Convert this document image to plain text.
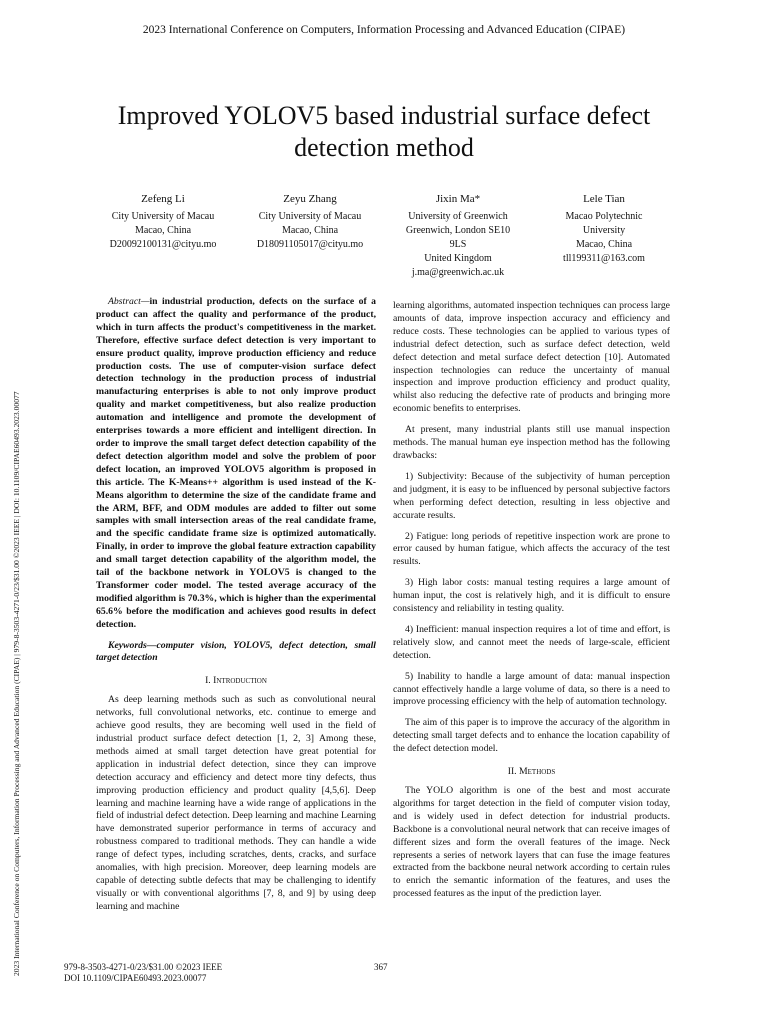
2023 International Conference on Computers, Information Processing and Advanced Education (CIPAE)
2023 International Conference on Computers, Information Processing and Advanced Education (CIPAE) | 979-8-3503-4271-0/23/$31.00 ©2023 IEEE | DOI: 10.1109/CIPAE60493.2023.00077
Improved YOLOV5 based industrial surface defect
detection method
Zefeng Li
City University of Macau
Macao, China
D20092100131@cityu.mo
Zeyu Zhang
City University of Macau
Macao, China
D18091105017@cityu.mo
Jixin Ma*
University of Greenwich
Greenwich, London SE10
9LS
United Kingdom
j.ma@greenwich.ac.uk
Lele Tian
Macao Polytechnic
University
Macao, China
tll199311@163.com

Abstract—in industrial production, defects on the surface of a product can affect the quality and performance of the product, which in turn affects the product's competitiveness in the market. Therefore, effective surface defect detection is very important to ensure product quality, improve production efficiency and reduce production costs. The use of computer-vision surface defect detection technology in the production process of industrial manufacturing enterprises is able to not only improve product quality and market competitiveness, but also realize production automation and intelligence and promote the development of enterprises towards a more efficient and intelligent direction. In order to improve the small target defect detection capability of the defect detection algorithm model and solve the problem of poor defect location, an improved YOLOV5 algorithm is proposed in this article. The K-Means++ algorithm is used instead of the K-Means algorithm to determine the size of the candidate frame and the ARM, BFF, and ODM modules are added to filter out some samples with small intersection areas of the real candidate frame, and the specific candidate frame size is optimized automatically. Finally, in order to improve the global feature extraction capability and small target detection capability of the algorithm model, the tail of the backbone network in YOLOV5 is changed to the Transformer coder model. The tested average accuracy of the modified algorithm is 70.3%, which is higher than the experimental 65.6% before the modification and achieves good results in defect detection.

Keywords—computer vision, YOLOV5, defect detection, small target detection

I. Introduction

As deep learning methods such as such as convolutional neural networks, full convolutional networks, etc. continue to emerge and achieve good results, they are becoming well used in the field of industrial product surface defect detection [1, 2, 3] Among these, methods aimed at small target detection have great potential for application in industrial defect detection, since they can improve detection accuracy and efficiency and detect more tiny defects, thus improving production efficiency and product quality [4,5,6]. Deep learning and machine learning have a wide range of applications in the field of industrial defect detection. Deep learning and machine Learning have demonstrated superior performance in terms of accuracy and robustness compared to traditional methods. They can handle a wide range of defect types, including scratches, dents, cracks, and surface anomalies, with high precision. Moreover, deep learning models are capable of detecting subtle defects that may be challenging to identify visually or with conventional algorithms [7, 8, and 9] by using deep learning and machine

learning algorithms, automated inspection techniques can process large amounts of data, improve inspection accuracy and efficiency and reduce costs. These technologies can be applied to various types of industrial defect detection, such as surface defect detection, weld defect detection and metal surface defect detection [10]. Automated inspection technologies can reduce the uncertainty of manual inspection and improve production efficiency and product quality, whilst also reducing the defective rate of products and bringing more economic benefits to enterprises.

At present, many industrial plants still use manual inspection methods. The manual human eye inspection method has the following drawbacks:

1) Subjectivity: Because of the subjectivity of human perception and judgment, it is easy to be influenced by personal subjective factors when performing defect detection, resulting in less objective and accurate results.

2) Fatigue: long periods of repetitive inspection work are prone to error caused by human fatigue, which affects the accuracy of the test results.

3) High labor costs: manual testing requires a large amount of human input, the cost is relatively high, and it is difficult to ensure consistency and reliability in testing quality.

4) Inefficient: manual inspection requires a lot of time and effort, is relatively slow, and cannot meet the needs of large-scale, efficient detection.

5) Inability to handle a large amount of data: manual inspection cannot effectively handle a large volume of data, so there is a need to improve processing efficiency with the help of automation technology.

The aim of this paper is to improve the accuracy of the algorithm in detecting small target defects and to enhance the location capability of the defect detection model.

II. Methods

The YOLO algorithm is one of the best and most accurate algorithms for target detection in the field of computer vision today, and is widely used in defect detection for industrial products. Backbone is a convolutional neural network that can receive images of different sizes and form the overall features of the image. Neck represents a series of network layers that can fuse the image features extracted from the backbone neural network according to certain rules to enrich the semantic information of the features, and uses the processed features as the input of the prediction layer.

979-8-3503-4271-0/23/$31.00 ©2023 IEEE
DOI 10.1109/CIPAE60493.2023.00077
367
